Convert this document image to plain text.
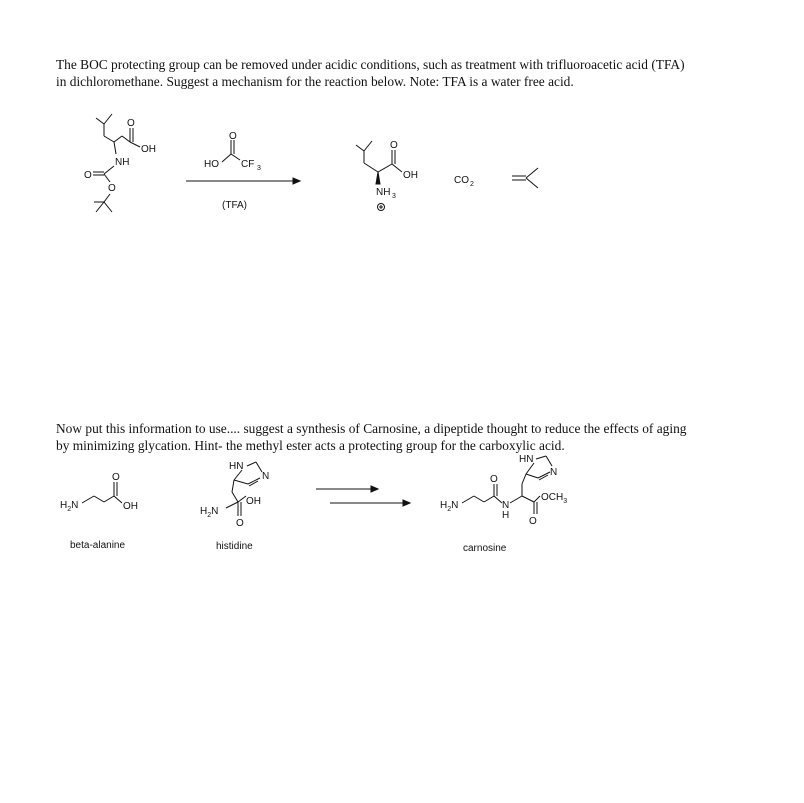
The BOC protecting group can be removed under acidic conditions, such as treatment with trifluoroacetic acid (TFA)
in dichloromethane. Suggest a mechanism for the reaction below. Note: TFA is a water free acid.
Now put this information to use.... suggest a synthesis of Carnosine, a dipeptide thought to reduce the effects of aging
by minimizing glycation. Hint- the methyl ester acts a protecting group for the carboxylic acid.
O
OH
NH
O
O
HO
O
CF 3
(TFA)
O
OH
NH 3
CO 2
$H_2N$
O
OH
beta-alanine
HN
N
OH
O
$H_2N$
histidine
$H_2N$
O
N
H
$OCH_3$
O
HN
N
carnosine
